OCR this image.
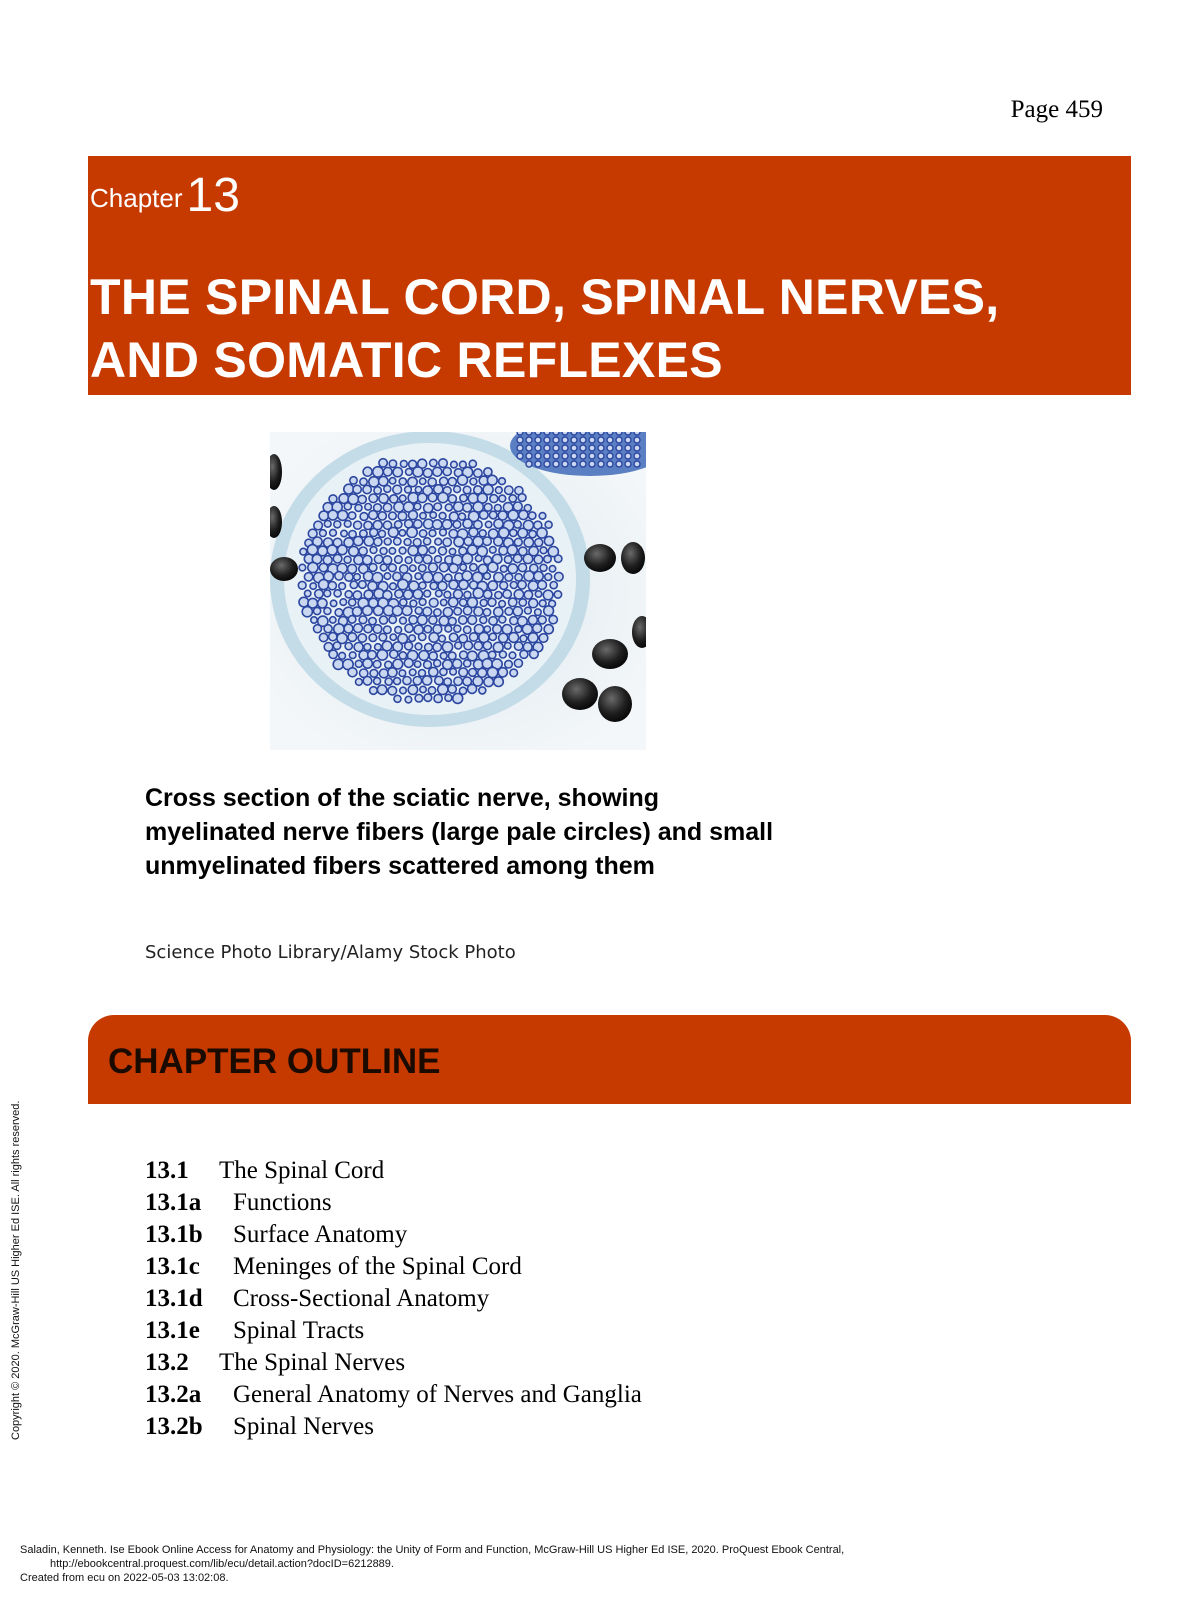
Page 459
Chapter13
THE SPINAL CORD, SPINAL NERVES, AND SOMATIC REFLEXES
Cross section of the sciatic nerve, showing myelinated nerve fibers (large pale circles) and small unmyelinated fibers scattered among them
Science Photo Library/Alamy Stock Photo
CHAPTER OUTLINE
13.1 The Spinal Cord
13.1a Functions
13.1b Surface Anatomy
13.1c Meninges of the Spinal Cord
13.1d Cross-Sectional Anatomy
13.1e Spinal Tracts
13.2 The Spinal Nerves
13.2a General Anatomy of Nerves and Ganglia
13.2b Spinal Nerves
Copyright © 2020. McGraw-Hill US Higher Ed ISE. All rights reserved.
Saladin, Kenneth. Ise Ebook Online Access for Anatomy and Physiology: the Unity of Form and Function, McGraw-Hill US Higher Ed ISE, 2020. ProQuest Ebook Central,
http://ebookcentral.proquest.com/lib/ecu/detail.action?docID=6212889.
Created from ecu on 2022-05-03 13:02:08.
